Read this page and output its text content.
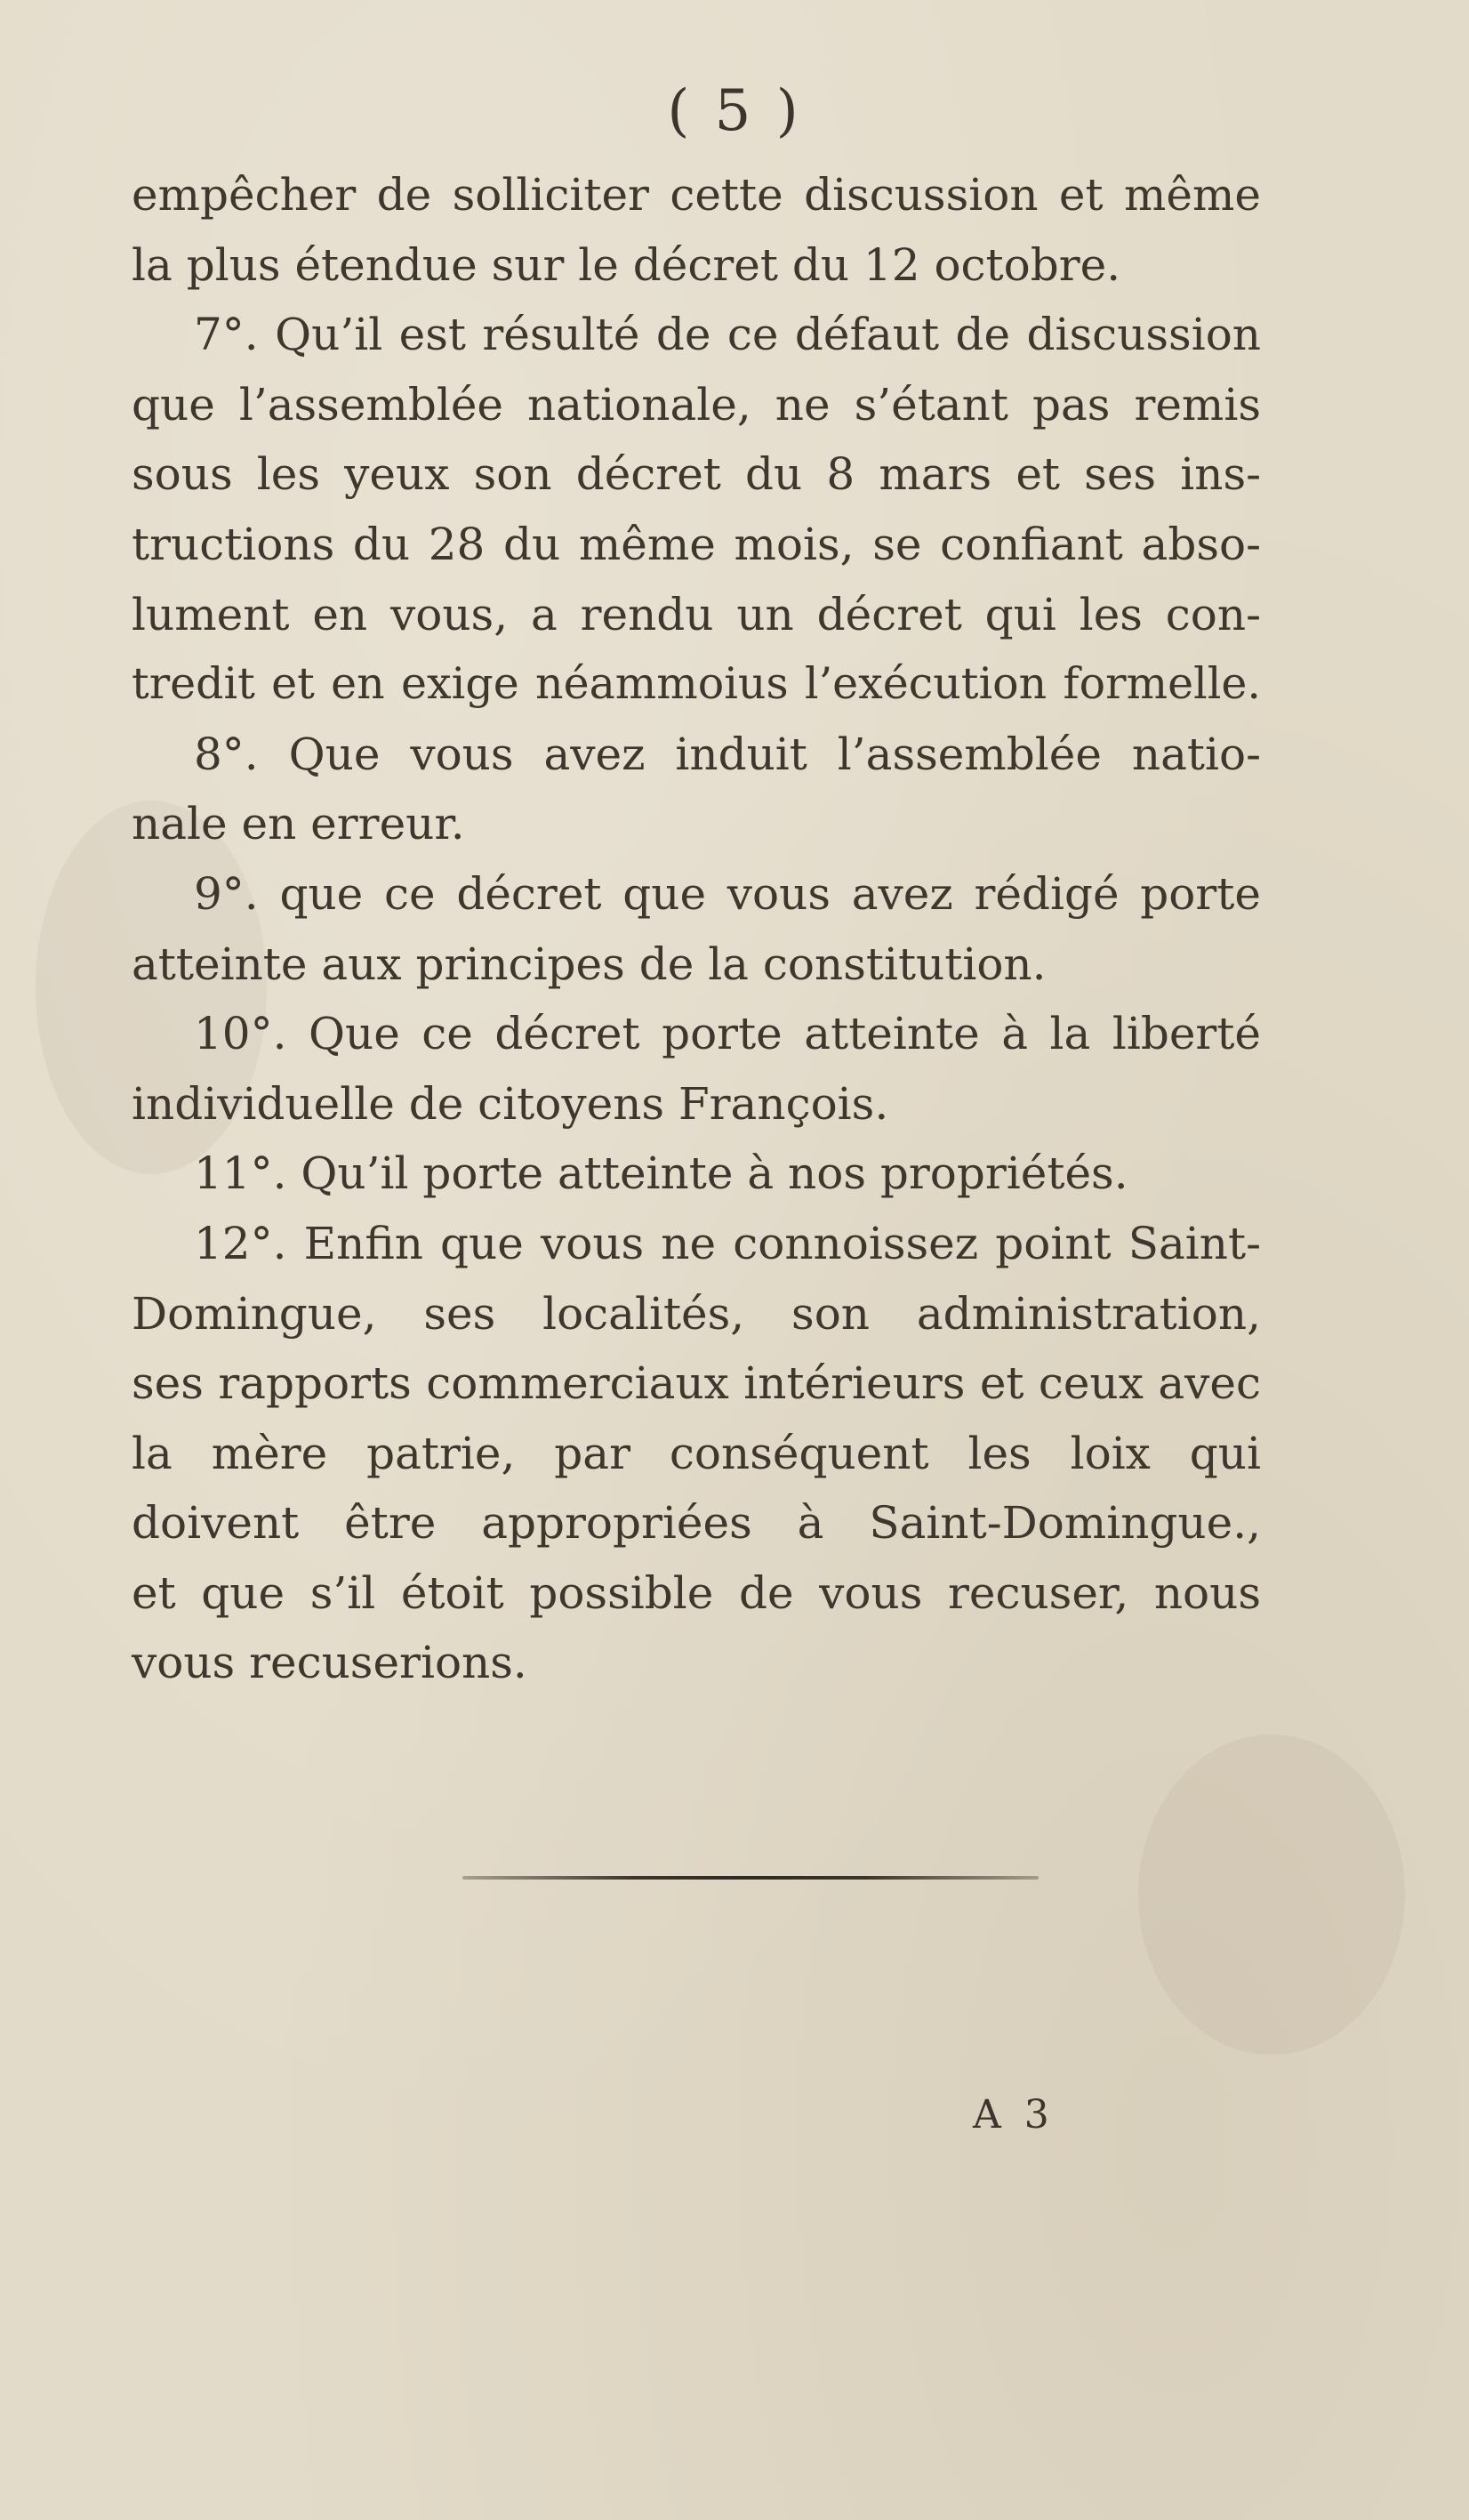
( 5 )
empêcher de solliciter cette discussion et même
la plus étendue sur le décret du 12 octobre.
7°. Qu’il est résulté de ce défaut de discussion
que l’assemblée nationale, ne s’étant pas remis
sous les yeux son décret du 8 mars et ses ins-
tructions du 28 du même mois, se confiant abso-
lument en vous, a rendu un décret qui les con-
tredit et en exige néammoius l’exécution formelle.
8°. Que vous avez induit l’assemblée natio-
nale en erreur.
9°. que ce décret que vous avez rédigé porte
atteinte aux principes de la constitution.
10°. Que ce décret porte atteinte à la liberté
individuelle de citoyens François.
11°. Qu’il porte atteinte à nos propriétés.
12°. Enfin que vous ne connoissez point Saint-
Domingue, ses localités, son administration,
ses rapports commerciaux intérieurs et ceux avec
la mère patrie, par conséquent les loix qui
doivent être appropriées à Saint-Domingue.,
et que s’il étoit possible de vous recuser, nous
vous recuserions.
A 3
